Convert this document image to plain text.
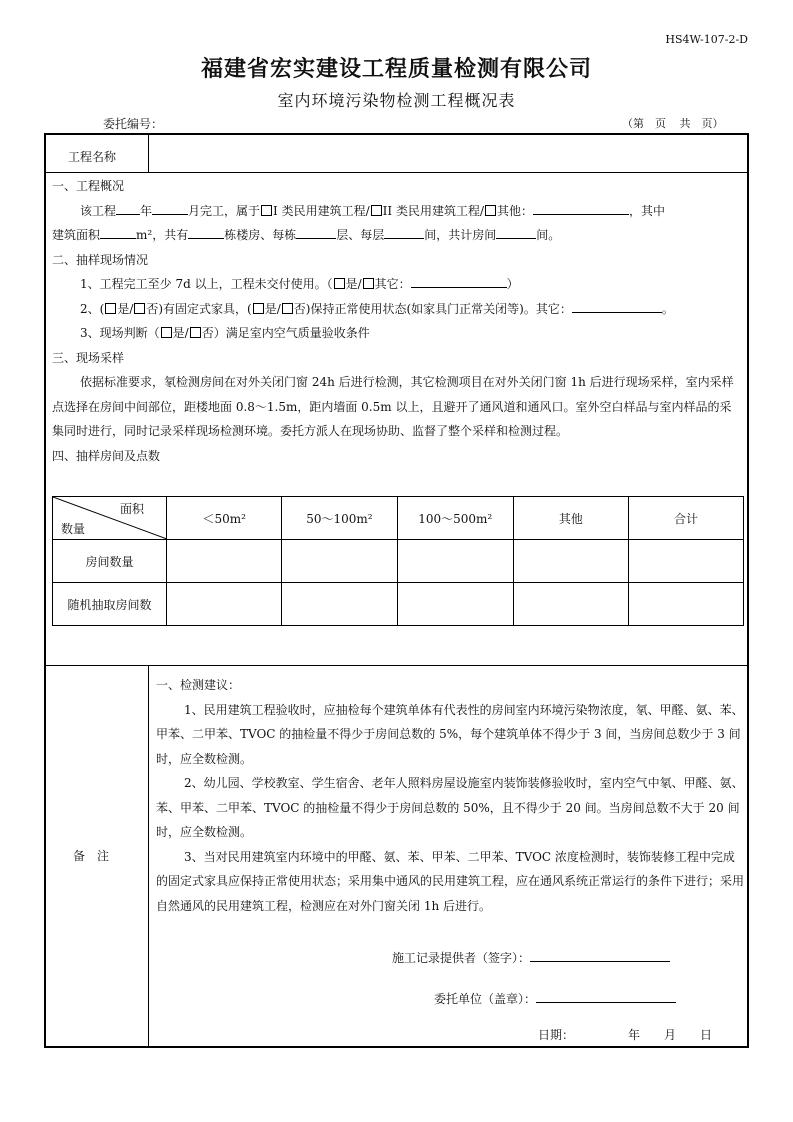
HS4W-107-2-D
福建省宏实建设工程质量检测有限公司
室内环境污染物检测工程概况表
委托编号：	（第　页 共　页）
工程名称

一、工程概况

该工程 年	月完工，属于 I 类民用建筑工程/ II 类民用建筑工程/ 其他：	，其中

建筑面积	m²，共有	栋楼房、每栋	层、每层	间，共计房间	间。

二、抽样现场情况

1、工程完工至少 7d 以上，工程未交付使用。（ 是/ 其它：	）

2、( 是/ 否)有固定式家具，( 是/ 否)保持正常使用状态(如家具门正常关闭等)。其它：	。

3、现场判断（ 是/ 否）满足室内空气质量验收条件

三、现场采样

依据标准要求，氡检测房间在对外关闭门窗 24h 后进行检测，其它检测项目在对外关闭门窗 1h 后进行现场采样，室内采样点选择在房间中间部位，距楼地面 0.8～1.5m，距内墙面 0.5m 以上，且避开了通风道和通风口。室外空白样品与室内样品的采集同时进行，同时记录采样现场检测环境。委托方派人在现场协助、监督了整个采样和检测过程。

四、抽样房间及点数

面积
数量	＜50m²	50～100m²	100～500m²	其他	合计
房间数量					
随机抽取房间数					
备注

一、检测建议：

1、民用建筑工程验收时，应抽检每个建筑单体有代表性的房间室内环境污染物浓度，氡、甲醛、氨、苯、甲苯、二甲苯、TVOC 的抽检量不得少于房间总数的 5%，每个建筑单体不得少于 3 间，当房间总数少于 3 间时，应全数检测。

2、幼儿园、学校教室、学生宿舍、老年人照料房屋设施室内装饰装修验收时，室内空气中氡、甲醛、氨、苯、甲苯、二甲苯、TVOC 的抽检量不得少于房间总数的 50%，且不得少于 20 间。当房间总数不大于 20 间时，应全数检测。

3、当对民用建筑室内环境中的甲醛、氨、苯、甲苯、二甲苯、TVOC 浓度检测时，装饰装修工程中完成的固定式家具应保持正常使用状态；采用集中通风的民用建筑工程，应在通风系统正常运行的条件下进行；采用自然通风的民用建筑工程，检测应在对外门窗关闭 1h 后进行。

施工记录提供者（签字）：
委托单位（盖章）：
日期：　　　　　年　　月　　日
